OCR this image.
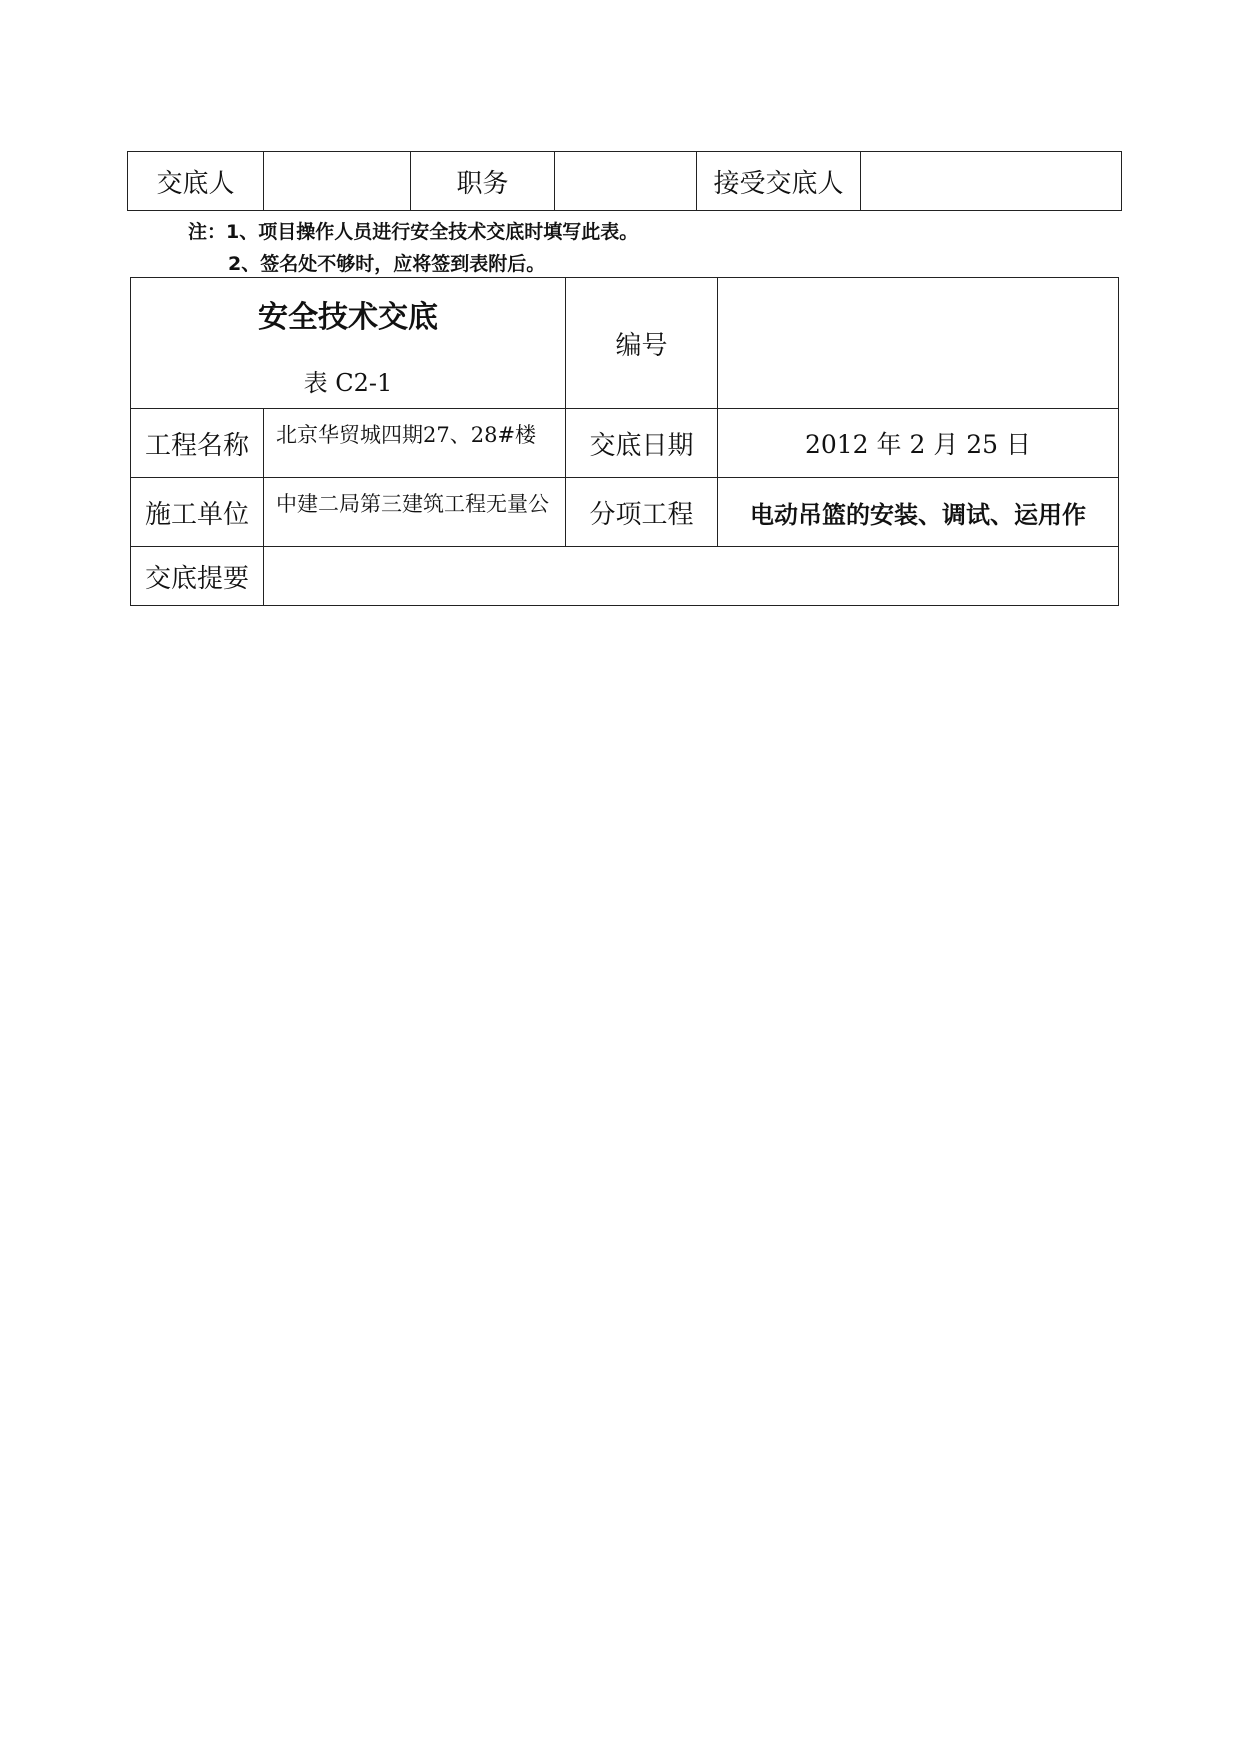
交底人		职务		接受交底人	
注：1、项目操作人员进行安全技术交底时填写此表。
2、签名处不够时，应将签到表附后。
安全技术交底
表 C2-1		编号	
工程名称	北京华贸城四期27、28#楼	交底日期	2012 年 2 月 25 日
施工单位	中建二局第三建筑工程无量公	分项工程	电动吊篮的安装、调试、运用作
交底提要			
